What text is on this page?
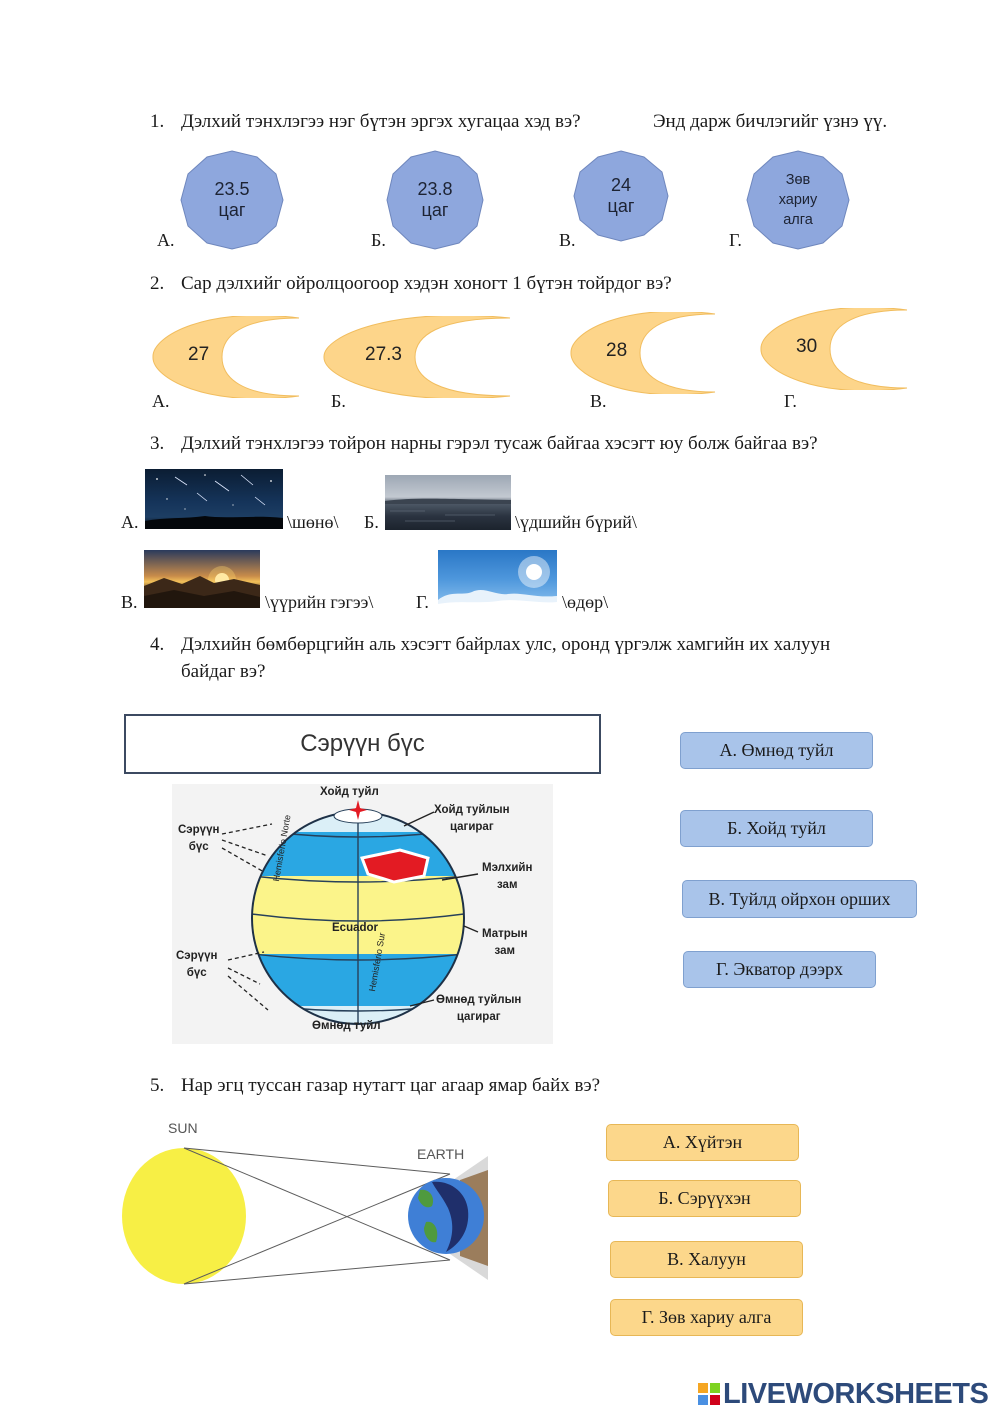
1. Дэлхий тэнхлэгээ нэг бүтэн эргэх хугацаа хэд вэ?	Энд дарж бичлэгийг үзнэ үү.
23.5
цаг
23.8
цаг
24
цаг
Зөв
хариу
алга
А.	Б.	В.	Г.
2. Сар дэлхийг ойролцоогоор хэдэн хоногт 1 бүтэн тойрдог вэ?
27	27.3	28	30
А.	Б.	В.	Г.
3. Дэлхий тэнхлэгээ тойрон нарны гэрэл тусаж байгаа хэсэгт юу болж байгаа вэ?
А.	\шөнө\ Б.	\үдшийн бүрий\
В.	\үүрийн гэгээ\ Г.	\өдөр\
4. Дэлхийн бөмбөрцгийн аль хэсэгт байрлах улс, оронд үргэлж хамгийн их халуун
байдаг вэ?
Сэрүүн бүс
Хойд туйл
Хойд туйлын
цагираг
Сэрүүн
бүс
Мэлхийн
зам
Ecuador	Матрын
зам
Сэрүүн
бүс
Өмнөд туйлын
цагираг
Өмнөд туйл
Hemisferio Norte
Hemisferio Sur
А. Өмнөд туйл
Б. Хойд туйл
В. Туйлд ойрхон орших
Г. Экватор дээрх
5. Нар эгц туссан газар нутагт цаг агаар ямар байх вэ?
SUN
EARTH
А. Хүйтэн
Б. Сэрүүхэн
В. Халуун
Г. Зөв хариу алга
LIVEWORKSHEETS
